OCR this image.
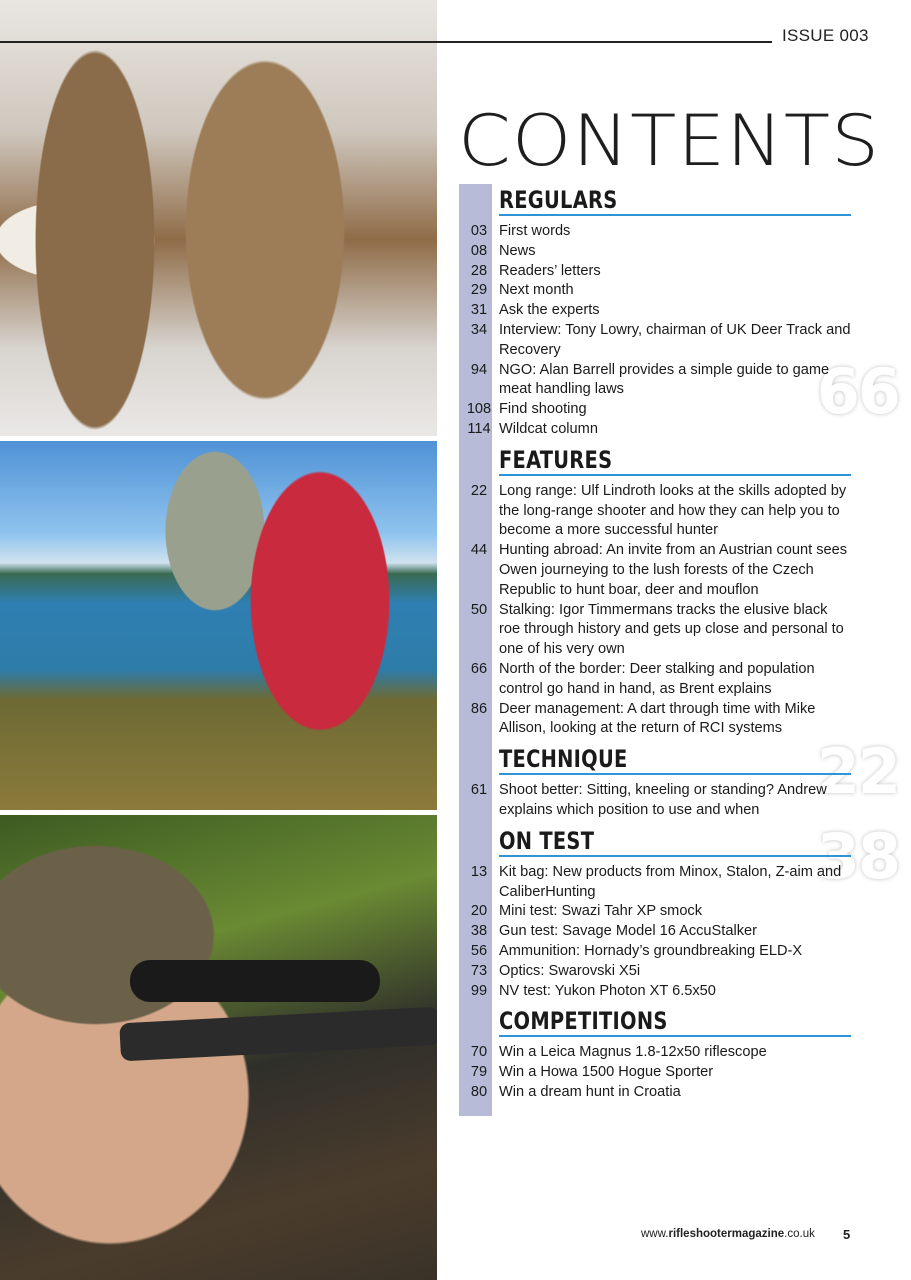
66
22
38
ISSUE 003
CONTENTS
REGULARS
03 First words
08 News
28 Readers’ letters
29 Next month
31 Ask the experts
34 Interview: Tony Lowry, chairman of UK Deer Track and Recovery
94 NGO: Alan Barrell provides a simple guide to game meat handling laws
108 Find shooting
114 Wildcat column
FEATURES
22 Long range: Ulf Lindroth looks at the skills adopted by the long-range shooter and how they can help you to become a more successful hunter
44 Hunting abroad: An invite from an Austrian count sees Owen journeying to the lush forests of the Czech Republic to hunt boar, deer and mouflon
50 Stalking: Igor Timmermans tracks the elusive black roe through history and gets up close and personal to one of his very own
66 North of the border: Deer stalking and population control go hand in hand, as Brent explains
86 Deer management: A dart through time with Mike Allison, looking at the return of RCI systems
TECHNIQUE
61 Shoot better: Sitting, kneeling or standing? Andrew explains which position to use and when
ON TEST
13 Kit bag: New products from Minox, Stalon, Z-aim and CaliberHunting
20 Mini test: Swazi Tahr XP smock
38 Gun test: Savage Model 16 AccuStalker
56 Ammunition: Hornady’s groundbreaking ELD-X
73 Optics: Swarovski X5i
99 NV test: Yukon Photon XT 6.5x50
COMPETITIONS
70 Win a Leica Magnus 1.8-12x50 riflescope
79 Win a Howa 1500 Hogue Sporter
80 Win a dream hunt in Croatia
www.rifleshootermagazine.co.uk 5
